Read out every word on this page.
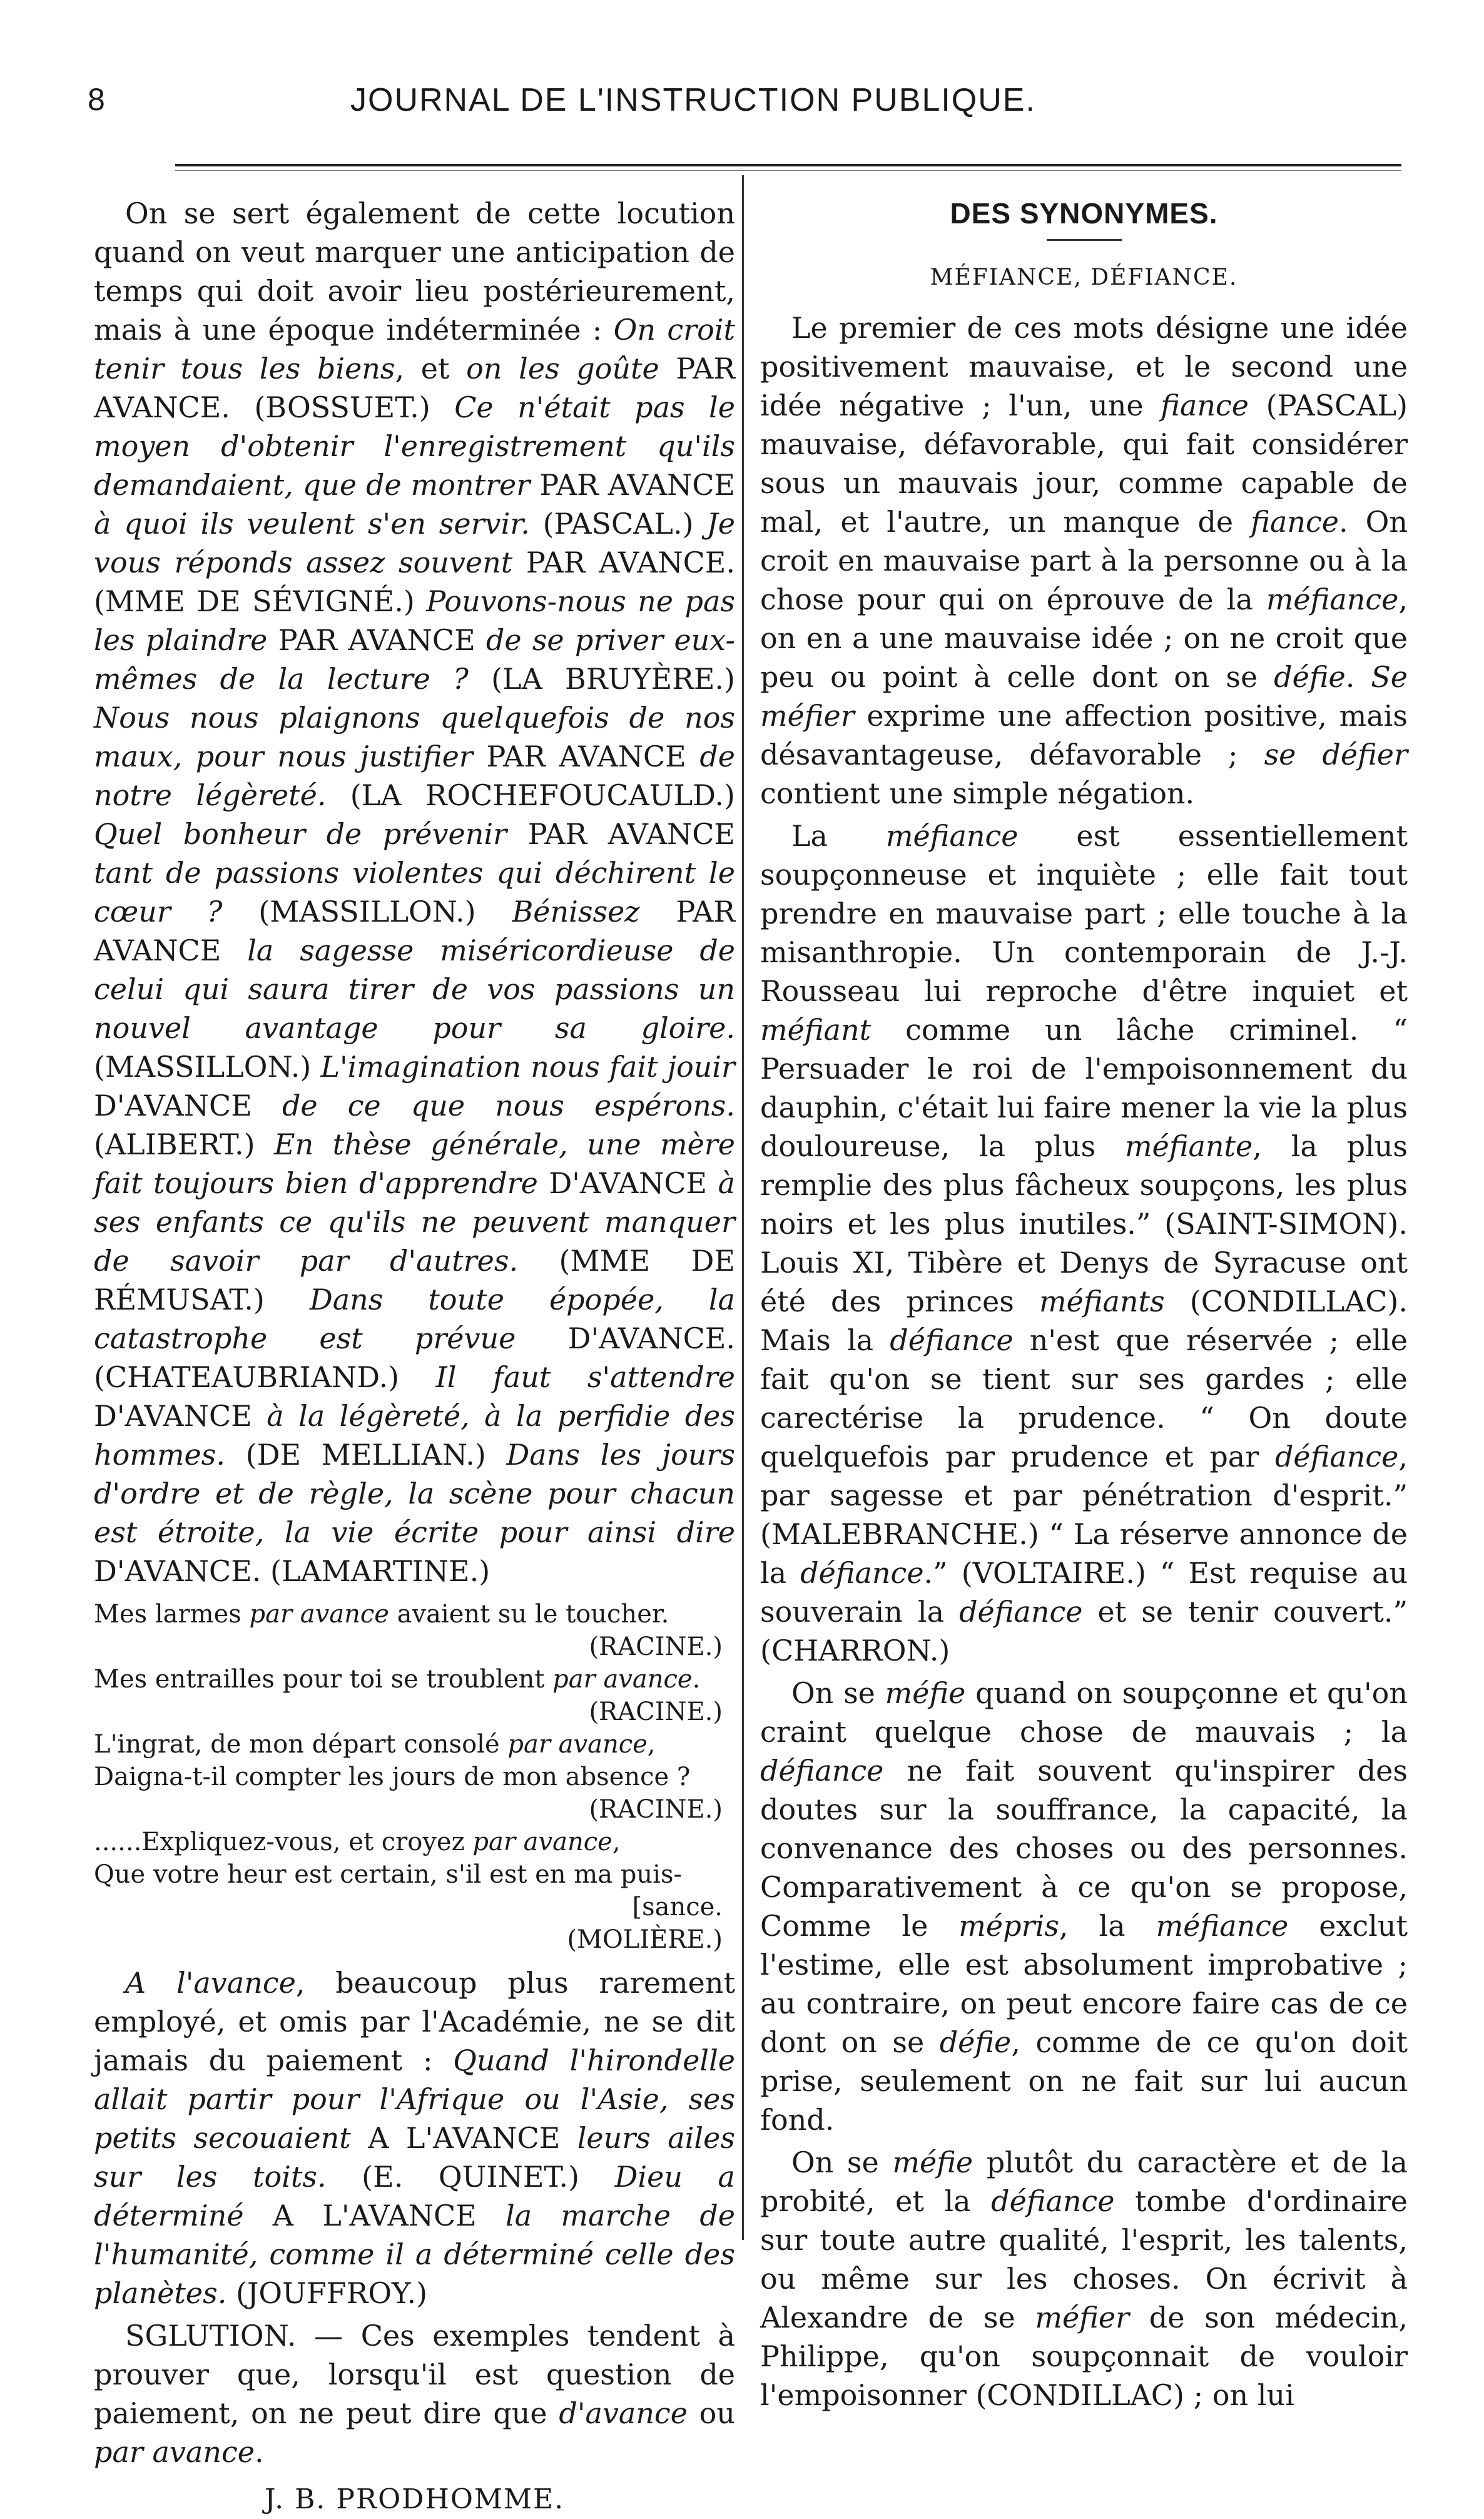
8	JOURNAL DE L'INSTRUCTION PUBLIQUE.

On se sert également de cette locution quand on veut marquer une anticipation de temps qui doit avoir lieu postérieurement, mais à une époque indéterminée : On croit tenir tous les biens, et on les goûte PAR AVANCE. (BOSSUET.) Ce n'était pas le moyen d'obtenir l'enregistrement qu'ils demandaient, que de montrer PAR AVANCE à quoi ils veulent s'en servir. (PASCAL.) Je vous réponds assez souvent PAR AVANCE. (MME DE SÉVIGNÉ.) Pouvons-nous ne pas les plaindre PAR AVANCE de se priver eux-mêmes de la lecture ? (LA BRUYÈRE.) Nous nous plaignons quelquefois de nos maux, pour nous justifier PAR AVANCE de notre légèreté. (LA ROCHEFOUCAULD.) Quel bonheur de prévenir PAR AVANCE tant de passions violentes qui déchirent le cœur ? (MASSILLON.) Bénissez PAR AVANCE la sagesse miséricordieuse de celui qui saura tirer de vos passions un nouvel avantage pour sa gloire. (MASSILLON.) L'imagination nous fait jouir D'AVANCE de ce que nous espérons. (ALIBERT.) En thèse générale, une mère fait toujours bien d'apprendre D'AVANCE à ses enfants ce qu'ils ne peuvent manquer de savoir par d'autres. (MME DE RÉMUSAT.) Dans toute épopée, la catastrophe est prévue D'AVANCE. (CHATEAUBRIAND.) Il faut s'attendre D'AVANCE à la légèreté, à la perfidie des hommes. (DE MELLIAN.) Dans les jours d'ordre et de règle, la scène pour chacun est étroite, la vie écrite pour ainsi dire D'AVANCE. (LAMARTINE.)

Mes larmes par avance avaient su le toucher.
(RACINE.)
Mes entrailles pour toi se troublent par avance.
(RACINE.)
L'ingrat, de mon départ consolé par avance,
Daigna-t-il compter les jours de mon absence ?
(RACINE.)
......Expliquez-vous, et croyez par avance,
Que votre heur est certain, s'il est en ma puis-
[sance.
(MOLIÈRE.)

A l'avance, beaucoup plus rarement employé, et omis par l'Académie, ne se dit jamais du paiement : Quand l'hirondelle allait partir pour l'Afrique ou l'Asie, ses petits secouaient A L'AVANCE leurs ailes sur les toits. (E. QUINET.) Dieu a déterminé A L'AVANCE la marche de l'humanité, comme il a déterminé celle des planètes. (JOUFFROY.)

SGLUTION. — Ces exemples tendent à prouver que, lorsqu'il est question de paiement, on ne peut dire que d'avance ou par avance.

J. B. PRODHOMME.

DES SYNONYMES.
MÉFIANCE, DÉFIANCE.

Le premier de ces mots désigne une idée positivement mauvaise, et le second une idée négative ; l'un, une fiance (PASCAL) mauvaise, défavorable, qui fait considérer sous un mauvais jour, comme capable de mal, et l'autre, un manque de fiance. On croit en mauvaise part à la personne ou à la chose pour qui on éprouve de la méfiance, on en a une mauvaise idée ; on ne croit que peu ou point à celle dont on se défie. Se méfier exprime une affection positive, mais désavantageuse, défavorable ; se défier contient une simple négation.

La méfiance est essentiellement soupçonneuse et inquiète ; elle fait tout prendre en mauvaise part ; elle touche à la misanthropie. Un contemporain de J.-J. Rousseau lui reproche d'être inquiet et méfiant comme un lâche criminel. “ Persuader le roi de l'empoisonnement du dauphin, c'était lui faire mener la vie la plus douloureuse, la plus méfiante, la plus remplie des plus fâcheux soupçons, les plus noirs et les plus inutiles.” (SAINT-SIMON). Louis XI, Tibère et Denys de Syracuse ont été des princes méfiants (CONDILLAC). Mais la défiance n'est que réservée ; elle fait qu'on se tient sur ses gardes ; elle carectérise la prudence. “ On doute quelquefois par prudence et par défiance, par sagesse et par pénétration d'esprit.” (MALEBRANCHE.) “ La réserve annonce de la défiance.” (VOLTAIRE.) “ Est requise au souverain la défiance et se tenir couvert.” (CHARRON.)

On se méfie quand on soupçonne et qu'on craint quelque chose de mauvais ; la défiance ne fait souvent qu'inspirer des doutes sur la souffrance, la capacité, la convenance des choses ou des personnes. Comparativement à ce qu'on se propose, Comme le mépris, la méfiance exclut l'estime, elle est absolument improbative ; au contraire, on peut encore faire cas de ce dont on se défie, comme de ce qu'on doit prise, seulement on ne fait sur lui aucun fond.

On se méfie plutôt du caractère et de la probité, et la défiance tombe d'ordinaire sur toute autre qualité, l'esprit, les talents, ou même sur les choses. On écrivit à Alexandre de se méfier de son médecin, Philippe, qu'on soupçonnait de vouloir l'empoisonner (CONDILLAC) ; on lui
